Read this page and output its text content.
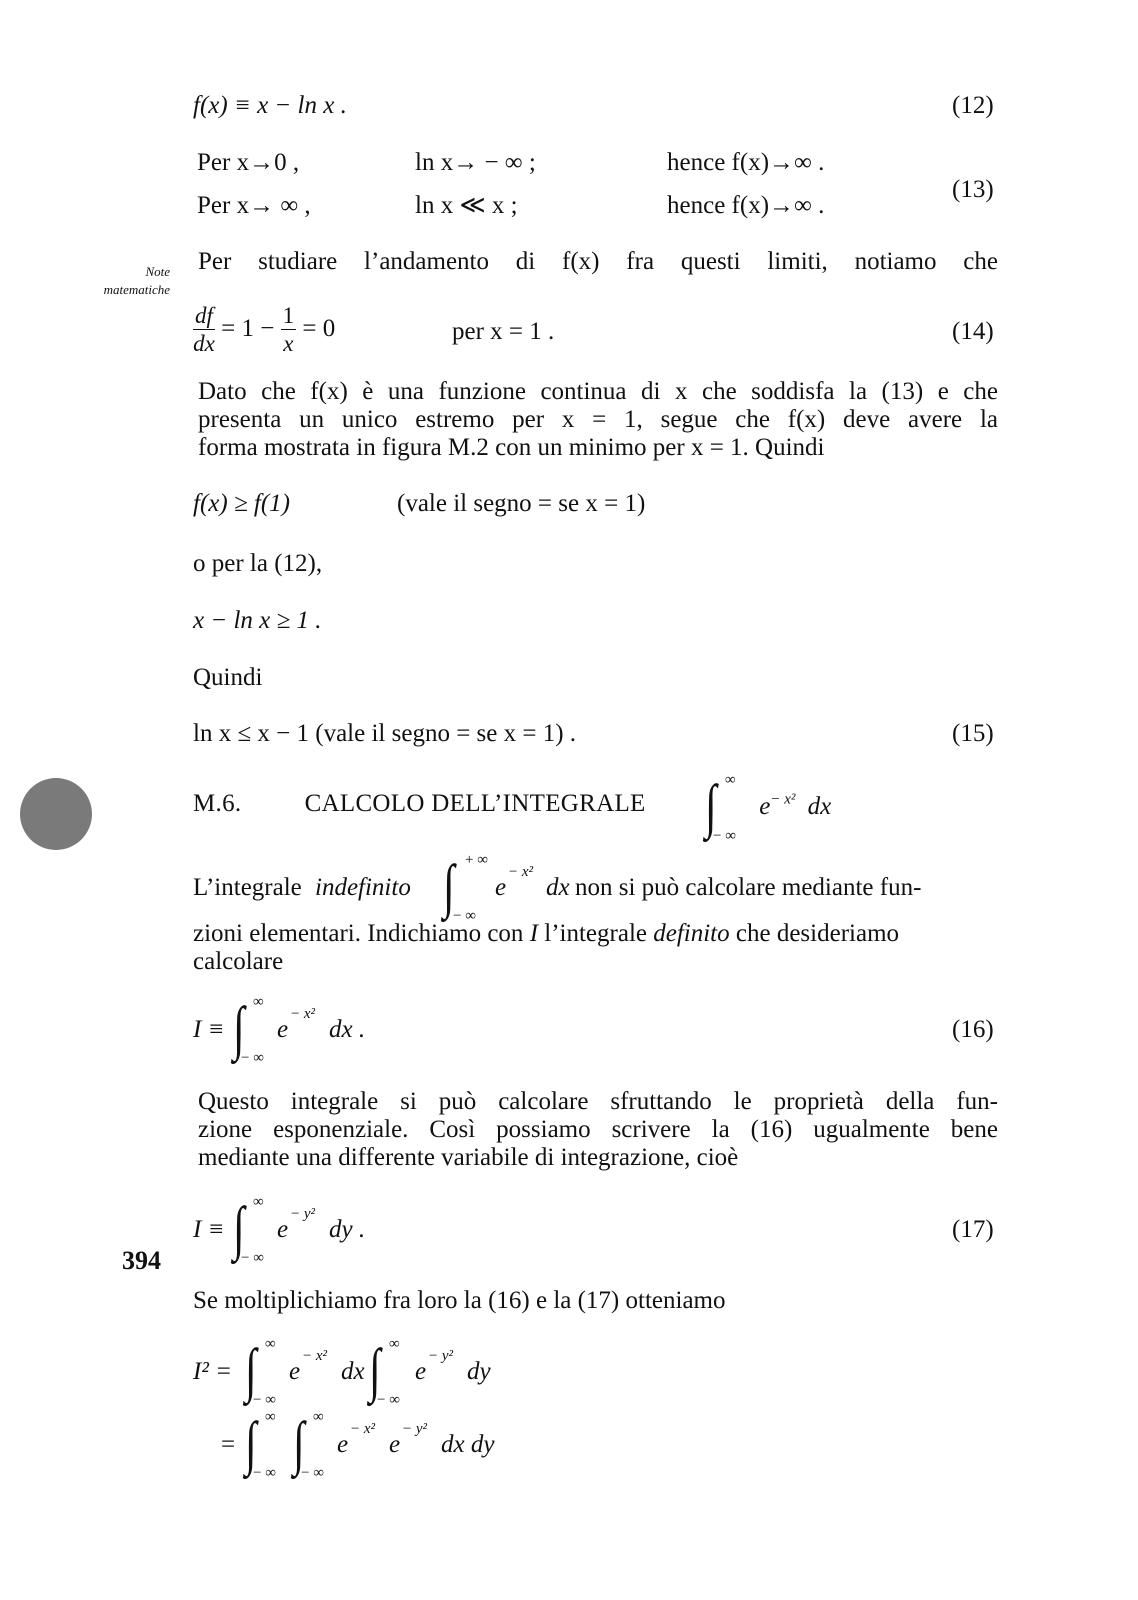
Note
matematiche
f(x) ≡ x − ln x .	(12)
Per x→0 ,	ln x→ − ∞ ;	hence f(x)→∞ .
Per x→ ∞ ,	ln x ≪ x ;	hence f(x)→∞ .
(13)
Per studiare l’andamento di f(x) fra questi limiti, notiamo che
$\frac{df}{dx} = 1 - \frac{1}{x} = 0$	per x = 1 .	(14)
Dato che f(x) è una funzione continua di x che soddisfa la (13) e che
presenta un unico estremo per x = 1, segue che f(x) deve avere la
forma mostrata in figura M.2 con un minimo per x = 1. Quindi
f(x) ≥ f(1)	(vale il segno = se x = 1)
o per la (12),
x − ln x ≥ 1 .
Quindi
ln x ≤ x − 1 (vale il segno = se x = 1) .	(15)
M.6.	CALCOLO DELL’INTEGRALE ∫ ∞
− ∞
$e^{- x^2}$ dx
L’integrale indefinito ∫ + ∞
− ∞
e
− x²
dx non si può calcolare mediante fun-
zioni elementari. Indichiamo con I l’integrale definito che desideriamo
calcolare
I ≡ ∫ ∞
− ∞
e
− x²
dx .	(16)
Questo integrale si può calcolare sfruttando le proprietà della fun-
zione esponenziale. Così possiamo scrivere la (16) ugualmente bene
mediante una differente variabile di integrazione, cioè
394
I ≡ ∫ ∞
− ∞
e
− y²
dy .	(17)
Se moltiplichiamo fra loro la (16) e la (17) otteniamo
I² = ∫ ∞
− ∞
e
− x²
dx ∫ ∞
− ∞
e
− y²
dy
= ∫ ∞
− ∞ ∫ ∞
− ∞
e
− x²
e
− y²
dx dy
